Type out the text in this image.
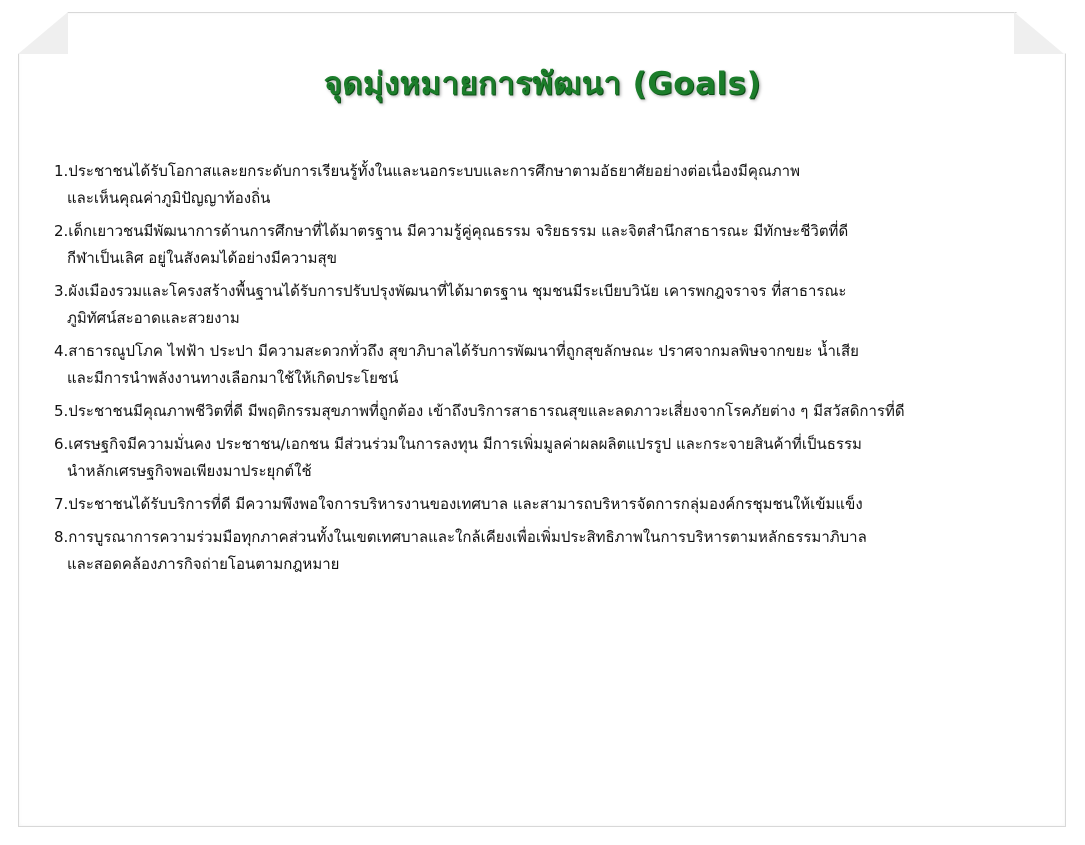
จุดมุ่งหมายการพัฒนา (Goals)
1.ประชาชนได้รับโอกาสและยกระดับการเรียนรู้ทั้งในและนอกระบบและการศึกษาตามอัธยาศัยอย่างต่อเนื่องมีคุณภาพ
และเห็นคุณค่าภูมิปัญญาท้องถิ่น
2.เด็กเยาวชนมีพัฒนาการด้านการศึกษาที่ได้มาตรฐาน มีความรู้คู่คุณธรรม จริยธรรม และจิตสำนึกสาธารณะ มีทักษะชีวิตที่ดี
กีฬาเป็นเลิศ อยู่ในสังคมได้อย่างมีความสุข
3.ผังเมืองรวมและโครงสร้างพื้นฐานได้รับการปรับปรุงพัฒนาที่ได้มาตรฐาน ชุมชนมีระเบียบวินัย เคารพกฎจราจร ที่สาธารณะ
ภูมิทัศน์สะอาดและสวยงาม
4.สาธารณูปโภค ไฟฟ้า ประปา มีความสะดวกทั่วถึง สุขาภิบาลได้รับการพัฒนาที่ถูกสุขลักษณะ ปราศจากมลพิษจากขยะ น้ำเสีย
และมีการนำพลังงานทางเลือกมาใช้ให้เกิดประโยชน์
5.ประชาชนมีคุณภาพชีวิตที่ดี มีพฤติกรรมสุขภาพที่ถูกต้อง เข้าถึงบริการสาธารณสุขและลดภาวะเสี่ยงจากโรคภัยต่าง ๆ มีสวัสดิการที่ดี
6.เศรษฐกิจมีความมั่นคง ประชาชน/เอกชน มีส่วนร่วมในการลงทุน มีการเพิ่มมูลค่าผลผลิตแปรรูป และกระจายสินค้าที่เป็นธรรม
นำหลักเศรษฐกิจพอเพียงมาประยุกต์ใช้
7.ประชาชนได้รับบริการที่ดี มีความพึงพอใจการบริหารงานของเทศบาล และสามารถบริหารจัดการกลุ่มองค์กรชุมชนให้เข้มแข็ง
8.การบูรณาการความร่วมมือทุกภาคส่วนทั้งในเขตเทศบาลและใกล้เคียงเพื่อเพิ่มประสิทธิภาพในการบริหารตามหลักธรรมาภิบาล
และสอดคล้องภารกิจถ่ายโอนตามกฎหมาย
